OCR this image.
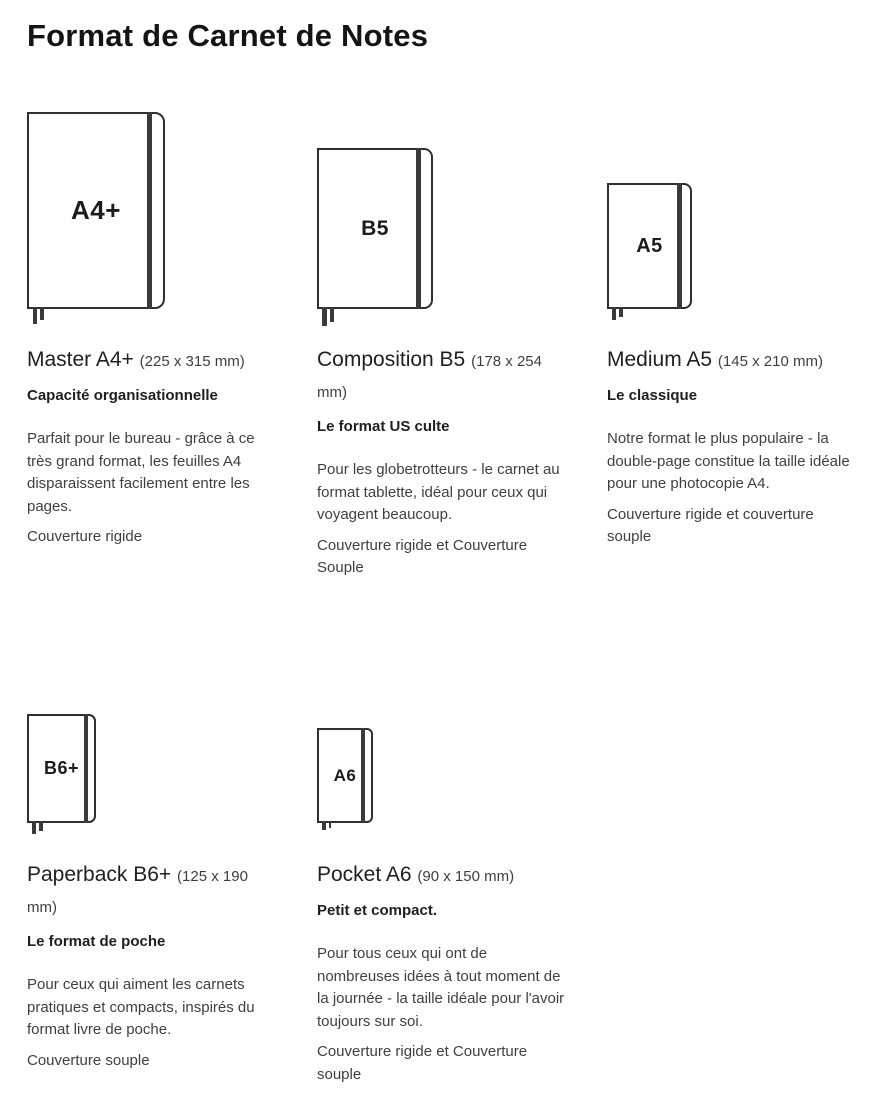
Format de Carnet de Notes
A4+
Master A4+ (225 x 315 mm)

Capacité organisationnelle

Parfait pour le bureau - grâce à ce très grand format, les feuilles A4 disparaissent facilement entre les pages.

Couverture rigide

B5
Composition B5 (178 x 254 mm)

Le format US culte

Pour les globetrotteurs - le carnet au format tablette, idéal pour ceux qui voyagent beaucoup.

Couverture rigide et Couverture Souple

A5
Medium A5 (145 x 210 mm)

Le classique

Notre format le plus populaire - la double-page constitue la taille idéale pour une photocopie A4.

Couverture rigide et couverture souple

B6+
Paperback B6+ (125 x 190 mm)

Le format de poche

Pour ceux qui aiment les carnets pratiques et compacts, inspirés du format livre de poche.

Couverture souple

A6
Pocket A6 (90 x 150 mm)

Petit et compact.

Pour tous ceux qui ont de nombreuses idées à tout moment de la journée - la taille idéale pour l'avoir toujours sur soi.

Couverture rigide et Couverture souple
